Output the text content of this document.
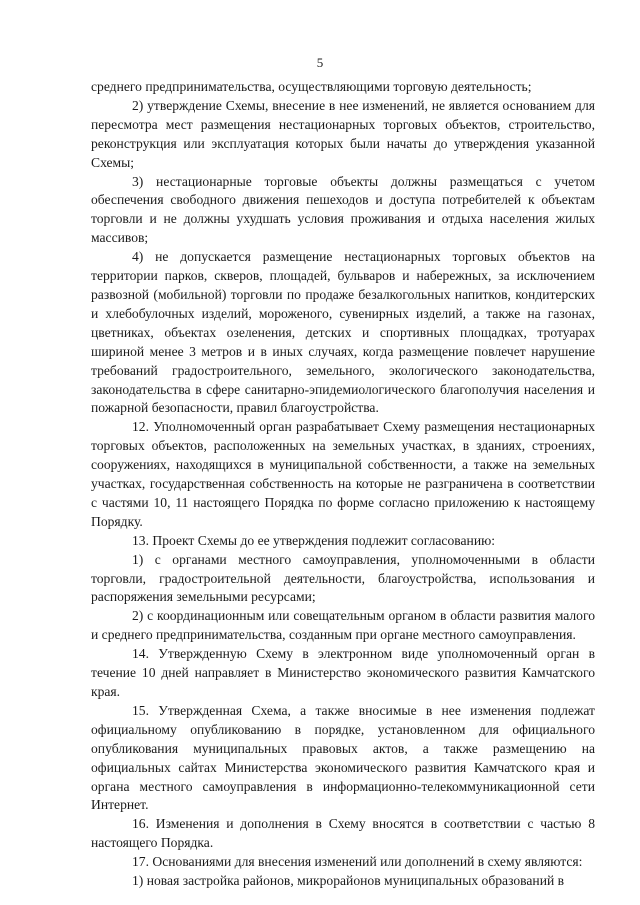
5

среднего предпринимательства, осуществляющими торговую деятельность;

2) утверждение Схемы, внесение в нее изменений, не является основанием для пересмотра мест размещения нестационарных торговых объектов, строительство, реконструкция или эксплуатация которых были начаты до утверждения указанной Схемы;

3) нестационарные торговые объекты должны размещаться с учетом обеспечения свободного движения пешеходов и доступа потребителей к объектам торговли и не должны ухудшать условия проживания и отдыха населения жилых массивов;

4) не допускается размещение нестационарных торговых объектов на территории парков, скверов, площадей, бульваров и набережных, за исключением развозной (мобильной) торговли по продаже безалкогольных напитков, кондитерских и хлебобулочных изделий, мороженого, сувенирных изделий, а также на газонах, цветниках, объектах озеленения, детских и спортивных площадках, тротуарах шириной менее 3 метров и в иных случаях, когда размещение повлечет нарушение требований градостроительного, земельного, экологического законодательства, законодательства в сфере санитарно-эпидемиологического благополучия населения и пожарной безопасности, правил благоустройства.

12. Уполномоченный орган разрабатывает Схему размещения нестационарных торговых объектов, расположенных на земельных участках, в зданиях, строениях, сооружениях, находящихся в муниципальной собственности, а также на земельных участках, государственная собственность на которые не разграничена в соответствии с частями 10, 11 настоящего Порядка по форме согласно приложению к настоящему Порядку.

13. Проект Схемы до ее утверждения подлежит согласованию:

1) с органами местного самоуправления, уполномоченными в области торговли, градостроительной деятельности, благоустройства, использования и распоряжения земельными ресурсами;

2) с координационным или совещательным органом в области развития малого и среднего предпринимательства, созданным при органе местного самоуправления.

14. Утвержденную Схему в электронном виде уполномоченный орган в течение 10 дней направляет в Министерство экономического развития Камчатского края.

15. Утвержденная Схема, а также вносимые в нее изменения подлежат официальному опубликованию в порядке, установленном для официального опубликования муниципальных правовых актов, а также размещению на официальных сайтах Министерства экономического развития Камчатского края и органа местного самоуправления в информационно-телекоммуникационной сети Интернет.

16. Изменения и дополнения в Схему вносятся в соответствии с частью 8 настоящего Порядка.

17. Основаниями для внесения изменений или дополнений в схему являются:

1) новая застройка районов, микрорайонов муниципальных образований в
